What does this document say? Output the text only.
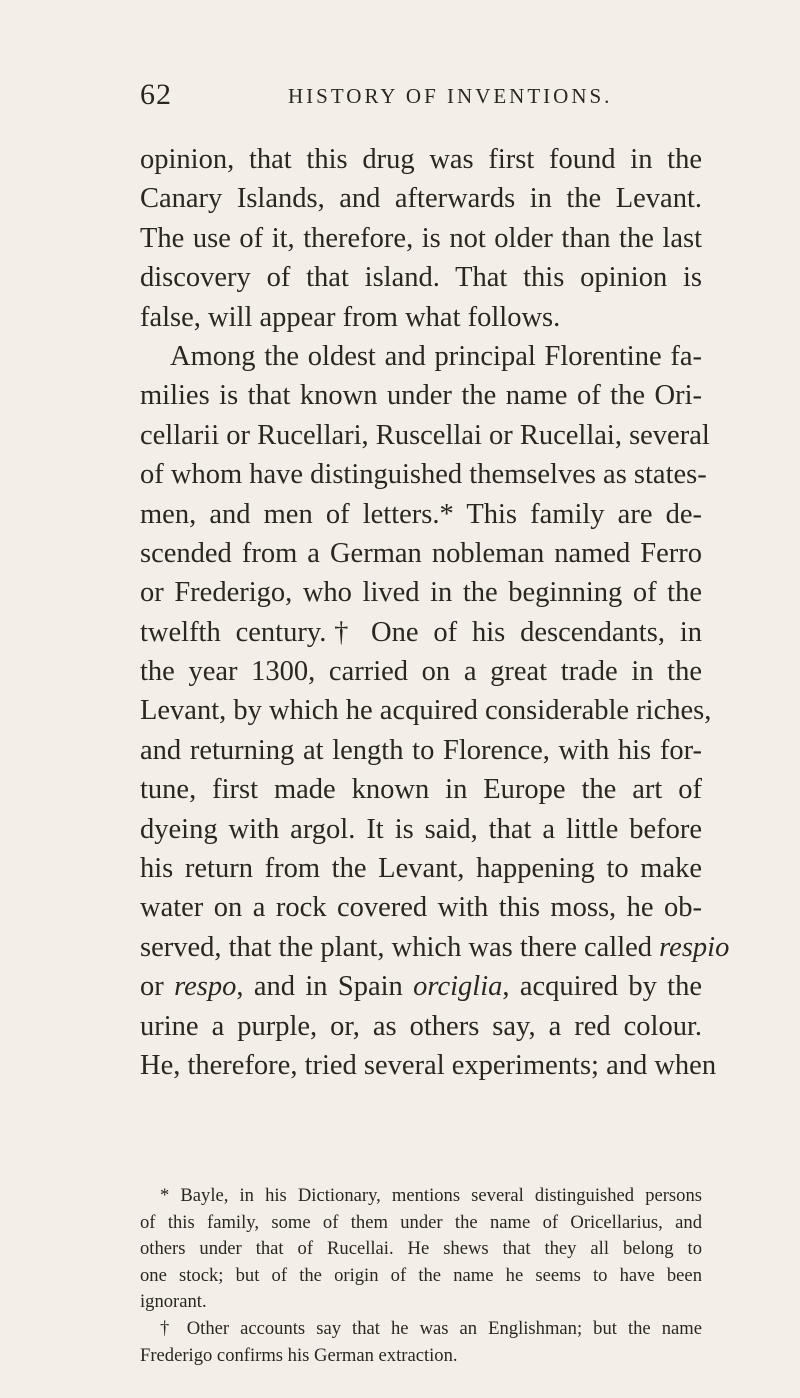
62	HISTORY OF INVENTIONS.
opinion, that this drug was first found in the
Canary Islands, and afterwards in the Levant.
The use of it, therefore, is not older than the last
discovery of that island. That this opinion is
false, will appear from what follows.
Among the oldest and principal Florentine fa-
milies is that known under the name of the Ori-
cellarii or Rucellari, Ruscellai or Rucellai, several
of whom have distinguished themselves as states-
men, and men of letters.* This family are de-
scended from a German nobleman named Ferro
or Frederigo, who lived in the beginning of the
twelfth century.† One of his descendants, in
the year 1300, carried on a great trade in the
Levant, by which he acquired considerable riches,
and returning at length to Florence, with his for-
tune, first made known in Europe the art of
dyeing with argol. It is said, that a little before
his return from the Levant, happening to make
water on a rock covered with this moss, he ob-
served, that the plant, which was there called respio
or respo, and in Spain orciglia, acquired by the
urine a purple, or, as others say, a red colour.
He, therefore, tried several experiments; and when
* Bayle, in his Dictionary, mentions several distinguished persons
of this family, some of them under the name of Oricellarius, and
others under that of Rucellai. He shews that they all belong to
one stock; but of the origin of the name he seems to have been
ignorant.
† Other accounts say that he was an Englishman; but the name
Frederigo confirms his German extraction.
